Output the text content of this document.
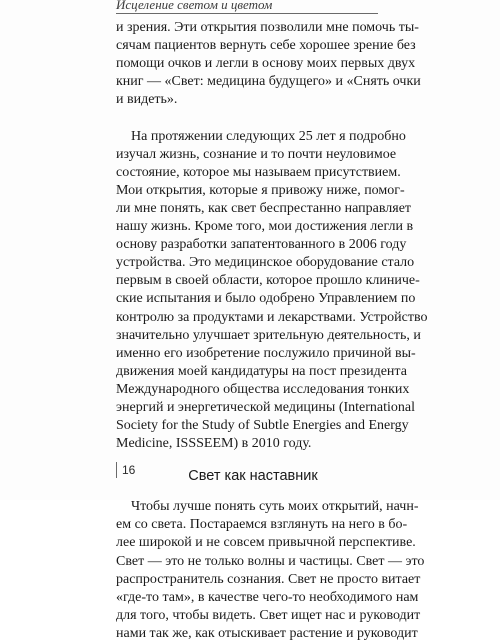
Исцеление светом и цветом
и зрения. Эти открытия позволили мне помочь ты-
сячам пациентов вернуть себе хорошее зрение без
помощи очков и легли в основу моих первых двух
книг — «Свет: медицина будущего» и «Снять очки
и видеть».
На протяжении следующих 25 лет я подробно
изучал жизнь, сознание и то почти неуловимое
состояние, которое мы называем присутствием.
Мои открытия, которые я привожу ниже, помог-
ли мне понять, как свет беспрестанно направляет
нашу жизнь. Кроме того, мои достижения легли в
основу разработки запатентованного в 2006 году
устройства. Это медицинское оборудование стало
первым в своей области, которое прошло клиниче-
ские испытания и было одобрено Управлением по
контролю за продуктами и лекарствами. Устройство
значительно улучшает зрительную деятельность, и
именно его изобретение послужило причиной вы-
движения моей кандидатуры на пост президента
Международного общества исследования тонких
энергий и энергетической медицины (International
Society for the Study of Subtle Energies and Energy
Medicine, ISSSEEM) в 2010 году.
Свет как наставник
Чтобы лучше понять суть моих открытий, начн-
ем со света. Постараемся взглянуть на него в бо-
лее широкой и не совсем привычной перспективе.
Свет — это не только волны и частицы. Свет — это
распространитель сознания. Свет не просто витает
«где-то там», в качестве чего-то необходимого нам
для того, чтобы видеть. Свет ищет нас и руководит
нами так же, как отыскивает растение и руководит
16
